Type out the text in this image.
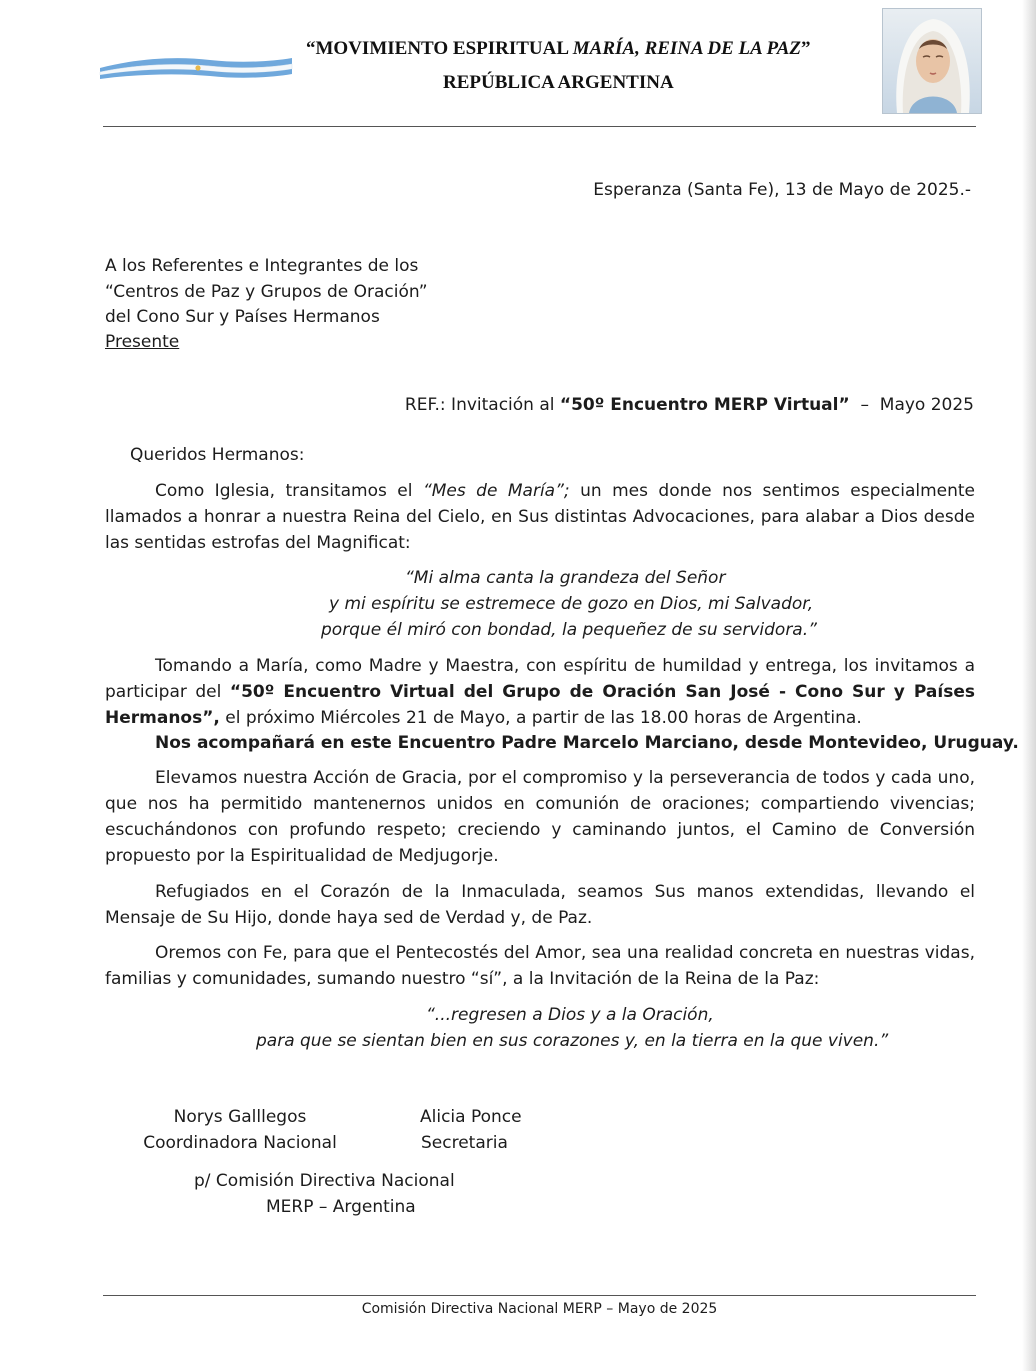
“MOVIMIENTO ESPIRITUAL MARÍA, REINA DE LA PAZ”
REPÚBLICA ARGENTINA
Esperanza (Santa Fe), 13 de Mayo de 2025.-
A los Referentes e Integrantes de los
“Centros de Paz y Grupos de Oración”
del Cono Sur y Países Hermanos
Presente
REF.: Invitación al “50º Encuentro MERP Virtual”  –  Mayo 2025
Queridos Hermanos:
Como Iglesia, transitamos el “Mes de María”; un mes donde nos sentimos especialmente llamados a honrar a nuestra Reina del Cielo, en Sus distintas Advocaciones, para alabar a Dios desde las sentidas estrofas del Magnificat:
“Mi alma canta la grandeza del Señor
y mi espíritu se estremece de gozo en Dios, mi Salvador,
porque él miró con bondad, la pequeñez de su servidora.”
Tomando a María, como Madre y Maestra, con espíritu de humildad y entrega, los invitamos a participar del “50º Encuentro Virtual del Grupo de Oración San José - Cono Sur y Países Hermanos”, el próximo Miércoles 21 de Mayo, a partir de las 18.00 horas de Argentina.
Nos acompañará en este Encuentro Padre Marcelo Marciano, desde Montevideo, Uruguay.
Elevamos nuestra Acción de Gracia, por el compromiso y la perseverancia de todos y cada uno, que nos ha permitido mantenernos unidos en comunión de oraciones; compartiendo vivencias; escuchándonos con profundo respeto; creciendo y caminando juntos, el Camino de Conversión propuesto por la Espiritualidad de Medjugorje.
Refugiados en el Corazón de la Inmaculada, seamos Sus manos extendidas, llevando el Mensaje de Su Hijo, donde haya sed de Verdad y, de Paz.
Oremos con Fe, para que el Pentecostés del Amor, sea una realidad concreta en nuestras vidas, familias y comunidades, sumando nuestro “sí”, a la Invitación de la Reina de la Paz:
“...regresen a Dios y a la Oración,
para que se sientan bien en sus corazones y, en la tierra en la que viven.”
Norys Galllegos
Coordinadora Nacional
Alicia Ponce
Secretaria
p/ Comisión Directiva Nacional
MERP – Argentina
Comisión Directiva Nacional MERP – Mayo de 2025
